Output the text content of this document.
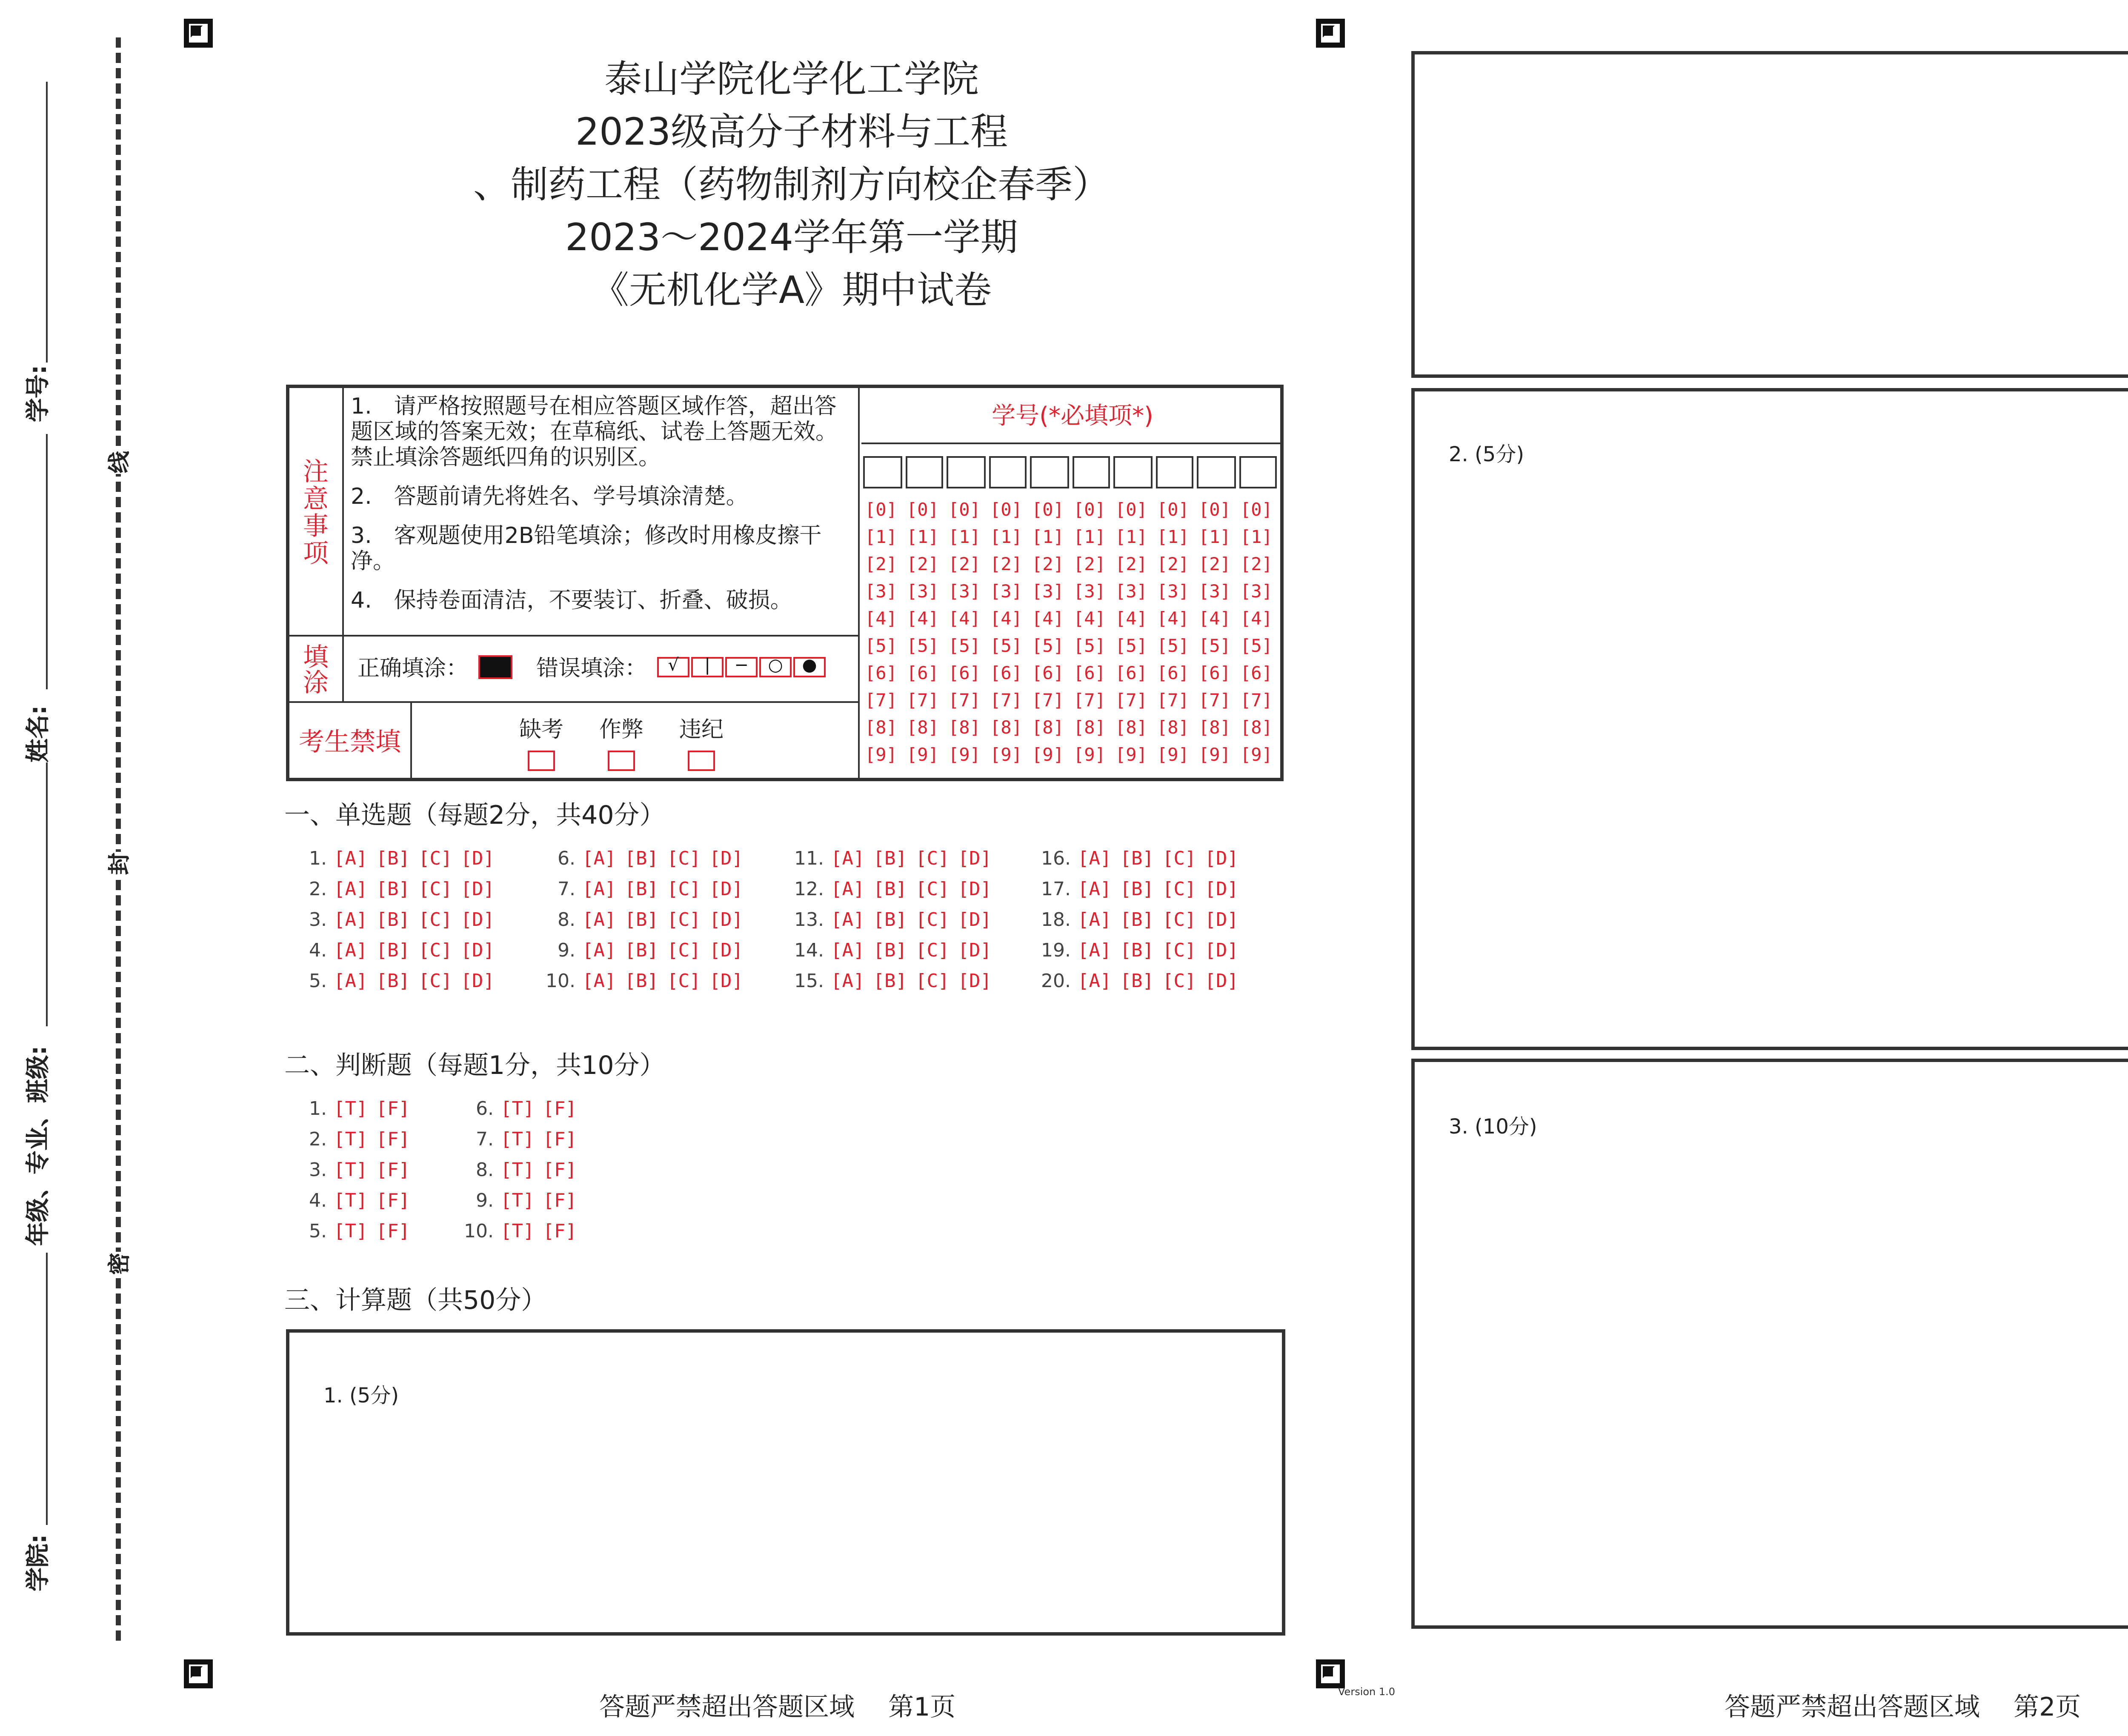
学号:
姓名:
年级、专业、班级:
学院:
线
封
密
泰山学院化学化工学院
2023级高分子材料与工程
、制药工程（药物制剂方向校企春季）
2023～2024学年第一学期
《无机化学A》期中试卷
注意事项

1.　请严格按照题号在相应答题区域作答，超出答题区域的答案无效；在草稿纸、试卷上答题无效。禁止填涂答题纸四角的识别区。

2.　答题前请先将姓名、学号填涂清楚。

3.　客观题使用2B铅笔填涂；修改时用橡皮擦干净。

4.　保持卷面清洁，不要装订、折叠、破损。

填涂	正确填涂：	错误填涂：	√	|	−	○	●
考生禁填	缺考	作弊	违纪
学号(*必填项*)
[0] [0] [0] [0] [0] [0] [0] [0] [0] [0]
[1] [1] [1] [1] [1] [1] [1] [1] [1] [1]
[2] [2] [2] [2] [2] [2] [2] [2] [2] [2]
[3] [3] [3] [3] [3] [3] [3] [3] [3] [3]
[4] [4] [4] [4] [4] [4] [4] [4] [4] [4]
[5] [5] [5] [5] [5] [5] [5] [5] [5] [5]
[6] [6] [6] [6] [6] [6] [6] [6] [6] [6]
[7] [7] [7] [7] [7] [7] [7] [7] [7] [7]
[8] [8] [8] [8] [8] [8] [8] [8] [8] [8]
[9] [9] [9] [9] [9] [9] [9] [9] [9] [9]
一、单选题（每题2分，共40分）
1. [A] [B] [C] [D]
2. [A] [B] [C] [D]
3. [A] [B] [C] [D]
4. [A] [B] [C] [D]
5. [A] [B] [C] [D]
6. [A] [B] [C] [D]
7. [A] [B] [C] [D]
8. [A] [B] [C] [D]
9. [A] [B] [C] [D]
10. [A] [B] [C] [D]
11. [A] [B] [C] [D]
12. [A] [B] [C] [D]
13. [A] [B] [C] [D]
14. [A] [B] [C] [D]
15. [A] [B] [C] [D]
16. [A] [B] [C] [D]
17. [A] [B] [C] [D]
18. [A] [B] [C] [D]
19. [A] [B] [C] [D]
20. [A] [B] [C] [D]
二、判断题（每题1分，共10分）
1. [T] [F]
2. [T] [F]
3. [T] [F]
4. [T] [F]
5. [T] [F]
6. [T] [F]
7. [T] [F]
8. [T] [F]
9. [T] [F]
10. [T] [F]
三、计算题（共50分）
1. (5分)
2. (5分)
3. (10分)
答题严禁超出答题区域　 第1页	答题严禁超出答题区域　 第2页
Version 1.0
